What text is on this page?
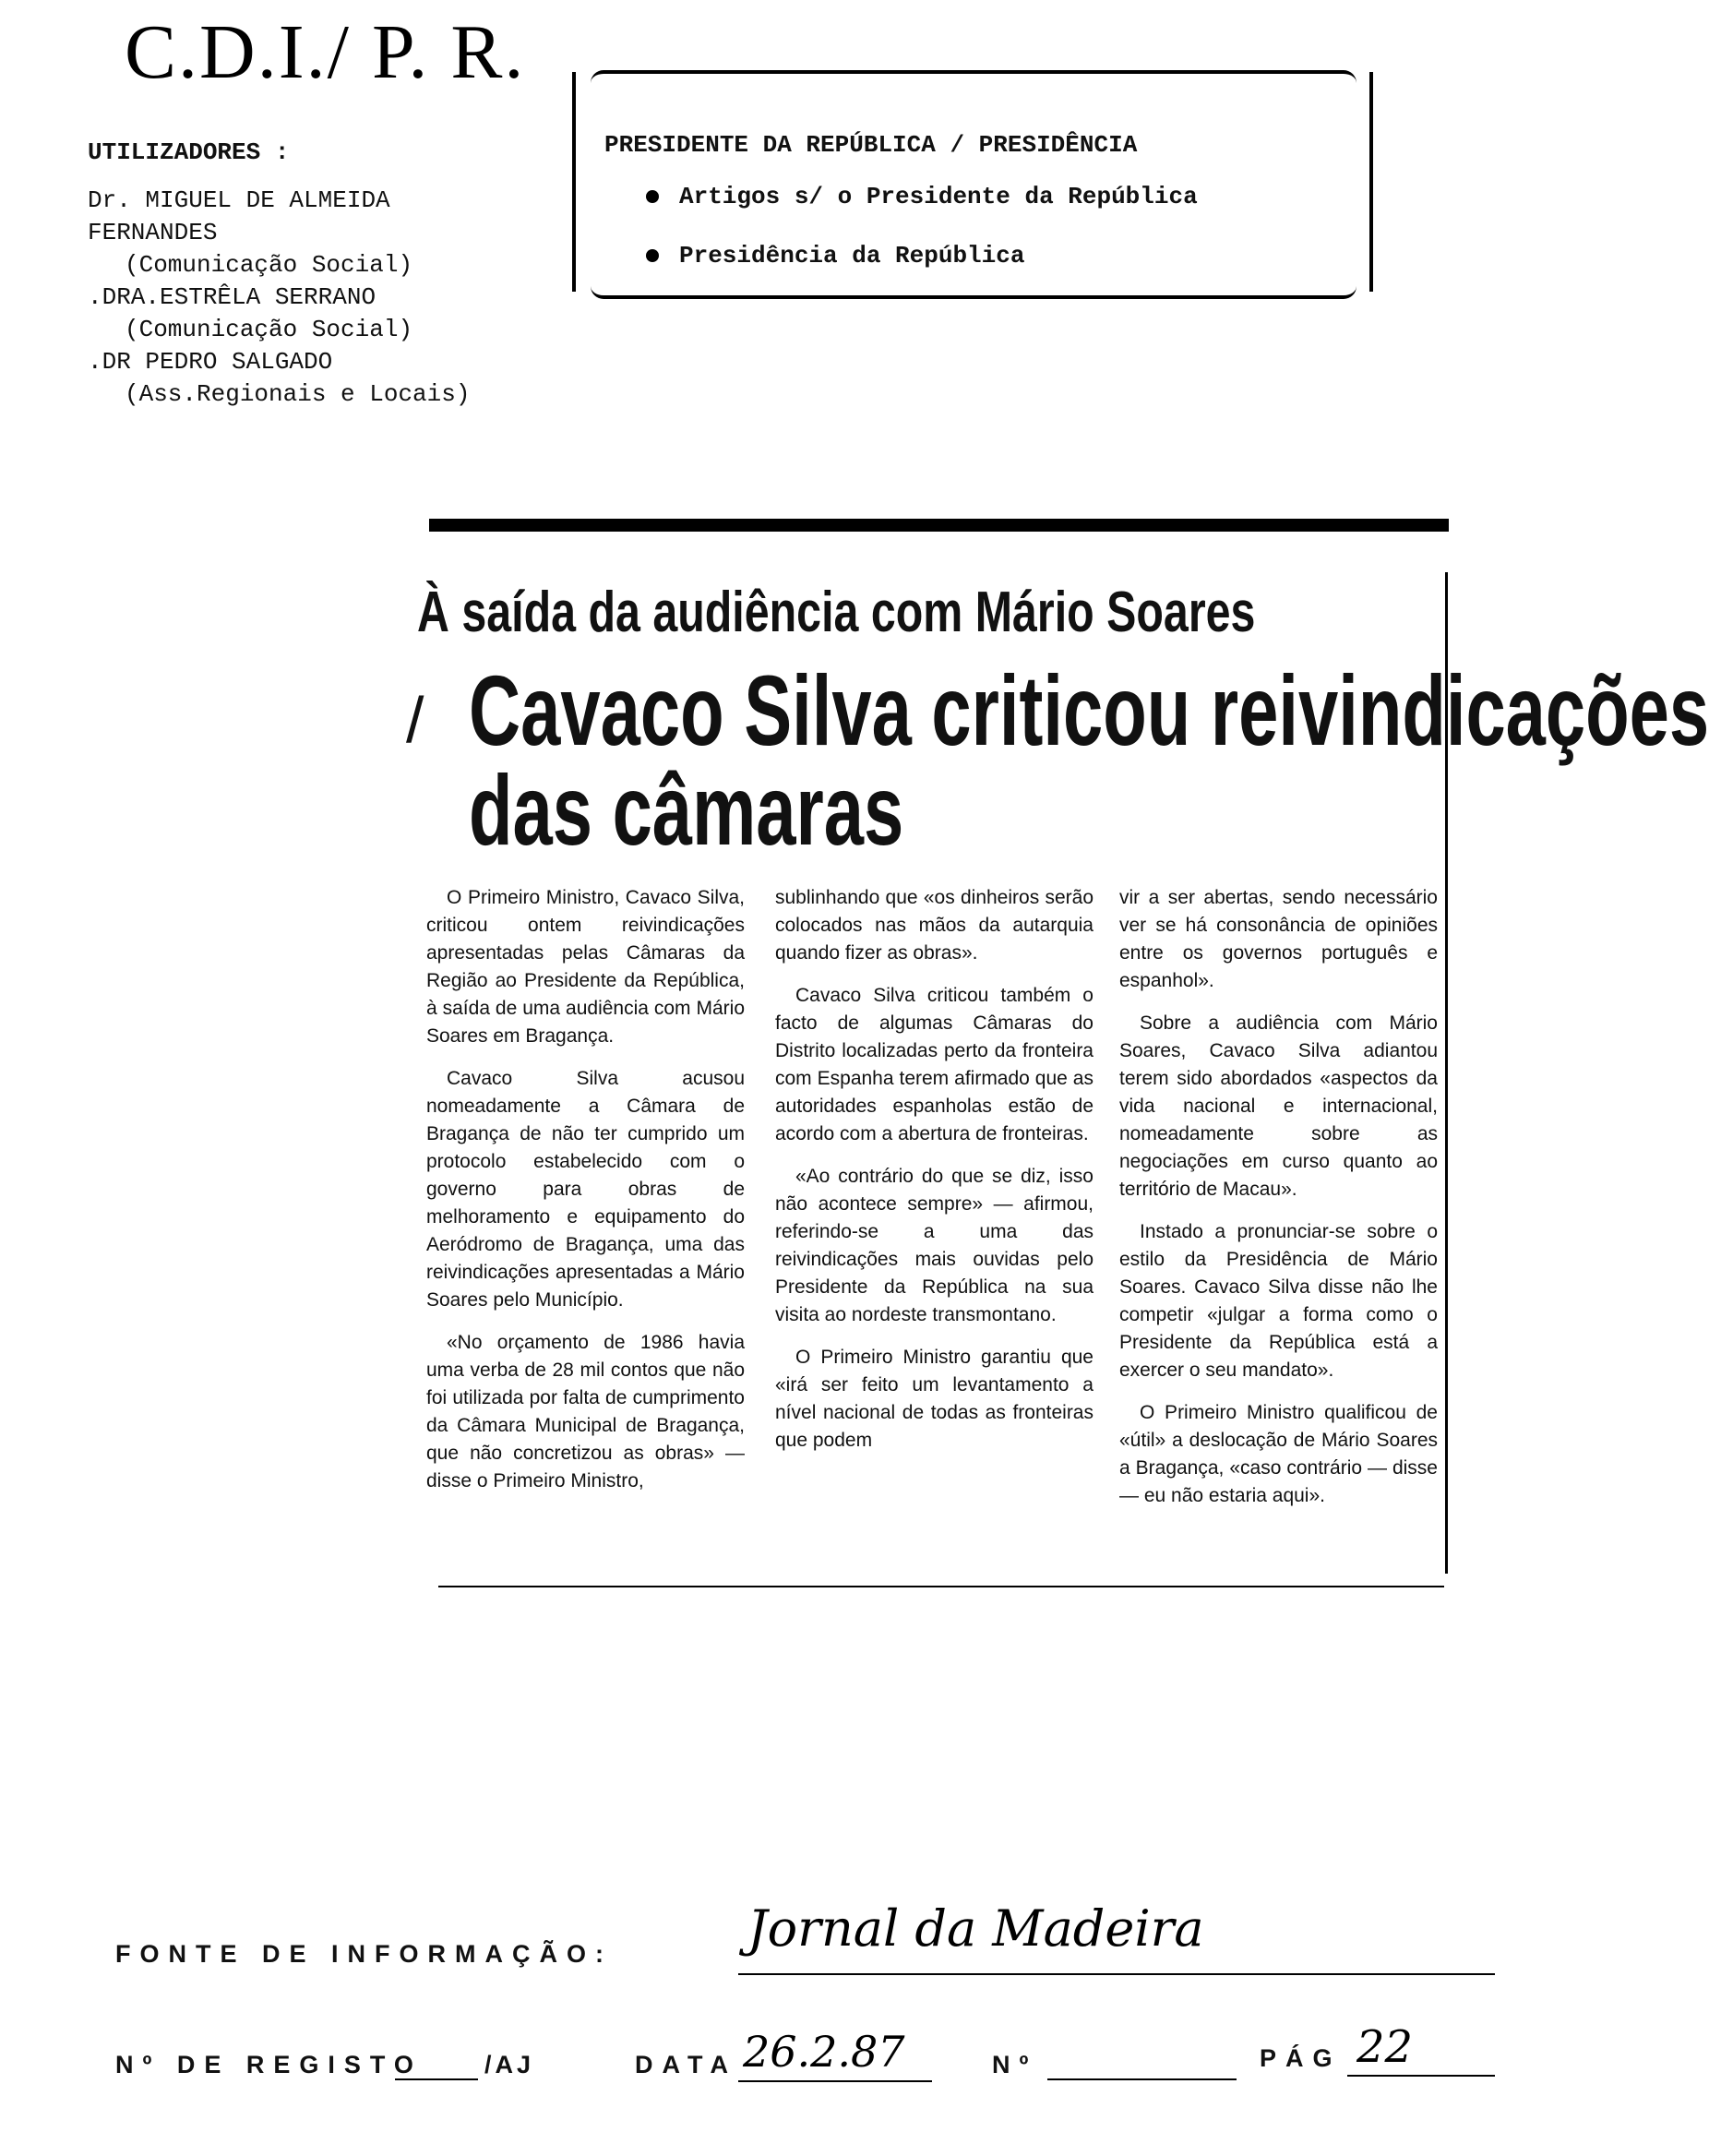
C.D.I./ P. R.
UTILIZADORES :
Dr. MIGUEL DE ALMEIDA
FERNANDES
(Comunicação Social)
.DRA.ESTRÊLA SERRANO
(Comunicação Social)
.DR PEDRO SALGADO
(Ass.Regionais e Locais)
PRESIDENTE DA REPÚBLICA / PRESIDÊNCIA
Artigos s/ o Presidente da República
Presidência da República
À saída da audiência com Mário Soares
/ Cavaco Silva criticou reivindicações
das câmaras

O Primeiro Ministro, Cavaco Silva, criticou ontem reivindicações apresentadas pelas Câmaras da Região ao Presidente da República, à saída de uma audiência com Mário Soares em Bragança.

Cavaco Silva acusou nomeadamente a Câmara de Bragança de não ter cumprido um protocolo estabelecido com o governo para obras de melhoramento e equipamento do Aeródromo de Bragança, uma das reivindicações apresentadas a Mário Soares pelo Município.

«No orçamento de 1986 havia uma verba de 28 mil contos que não foi utilizada por falta de cumprimento da Câmara Municipal de Bragança, que não concretizou as obras» — disse o Primeiro Ministro,

sublinhando que «os dinheiros serão colocados nas mãos da autarquia quando fizer as obras».

Cavaco Silva criticou também o facto de algumas Câmaras do Distrito localizadas perto da fronteira com Espanha terem afirmado que as autoridades espanholas estão de acordo com a abertura de fronteiras.

«Ao contrário do que se diz, isso não acontece sempre» — afirmou, referindo-se a uma das reivindicações mais ouvidas pelo Presidente da República na sua visita ao nordeste transmontano.

O Primeiro Ministro garantiu que «irá ser feito um levantamento a nível nacional de todas as fronteiras que podem

vir a ser abertas, sendo necessário ver se há consonância de opiniões entre os governos português e espanhol».

Sobre a audiência com Mário Soares, Cavaco Silva adiantou terem sido abordados «aspectos da vida nacional e internacional, nomeadamente sobre as negociações em curso quanto ao território de Macau».

Instado a pronunciar-se sobre o estilo da Presidência de Mário Soares. Cavaco Silva disse não lhe competir «julgar a forma como o Presidente da República está a exercer o seu mandato».

O Primeiro Ministro qualificou de «útil» a deslocação de Mário Soares a Bragança, «caso contrário — disse — eu não estaria aqui».

FONTE DE INFORMAÇÃO:	Jornal da Madeira
Nº DE REGISTO /AJ	DATA 26.2.87	Nº	PÁG 22
